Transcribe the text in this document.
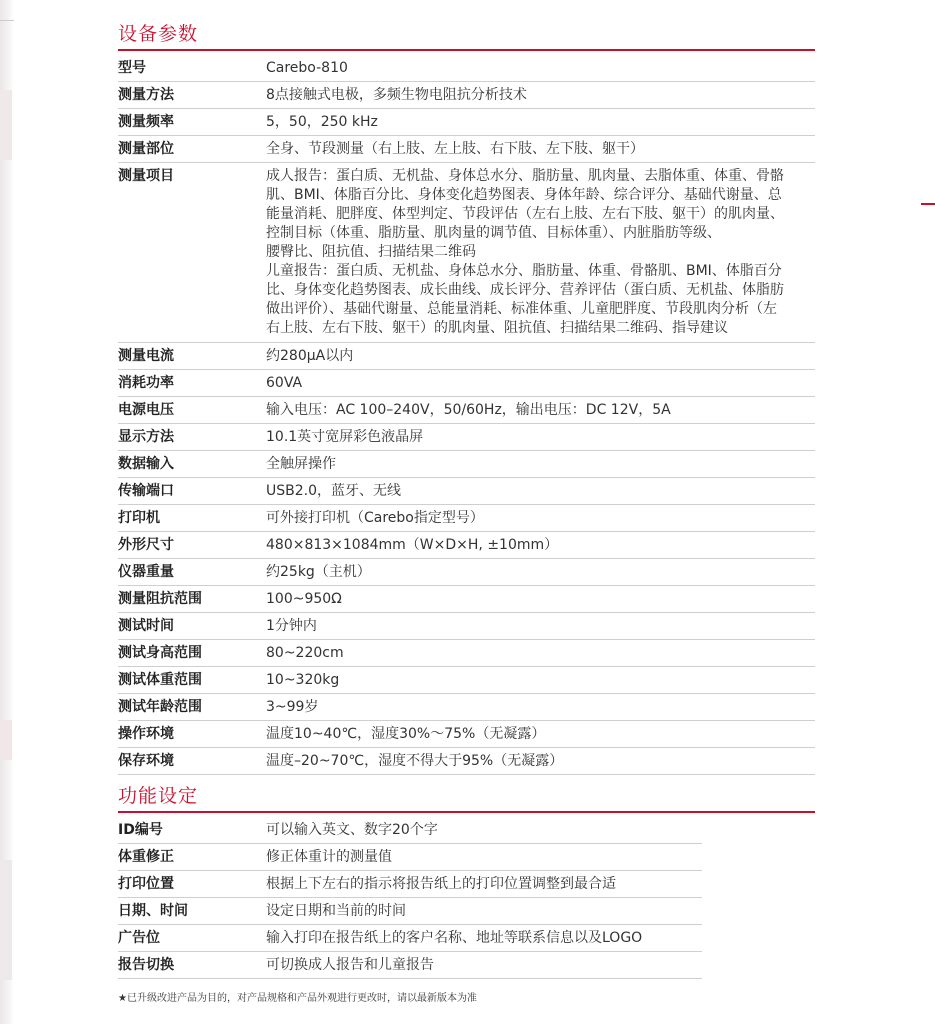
设备参数
型号	Carebo-810
测量方法	8点接触式电极，多频生物电阻抗分析技术
测量频率	5，50，250 kHz
测量部位	全身、节段测量（右上肢、左上肢、右下肢、左下肢、躯干）
测量项目	成人报告：蛋白质、无机盐、身体总水分、脂肪量、肌肉量、去脂体重、体重、骨骼
肌、BMI、体脂百分比、身体变化趋势图表、身体年龄、综合评分、基础代谢量、总
能量消耗、肥胖度、体型判定、节段评估（左右上肢、左右下肢、躯干）的肌肉量、
控制目标（体重、脂肪量、肌肉量的调节值、目标体重）、内脏脂肪等级、
腰臀比、阻抗值、扫描结果二维码
儿童报告：蛋白质、无机盐、身体总水分、脂肪量、体重、骨骼肌、BMI、体脂百分
比、身体变化趋势图表、成长曲线、成长评分、营养评估（蛋白质、无机盐、体脂肪
做出评价）、基础代谢量、总能量消耗、标准体重、儿童肥胖度、节段肌肉分析（左
右上肢、左右下肢、躯干）的肌肉量、阻抗值、扫描结果二维码、指导建议
测量电流	约280μA以内
消耗功率	60VA
电源电压	输入电压：AC 100–240V，50/60Hz，输出电压：DC 12V，5A
显示方法	10.1英寸宽屏彩色液晶屏
数据输入	全触屏操作
传输端口	USB2.0，蓝牙、无线
打印机	可外接打印机（Carebo指定型号）
外形尺寸	480×813×1084mm（W×D×H, ±10mm）
仪器重量	约25kg（主机）
测量阻抗范围	100~950Ω
测试时间	1分钟内
测试身高范围	80~220cm
测试体重范围	10~320kg
测试年龄范围	3~99岁
操作环境	温度10~40℃，湿度30%～75%（无凝露）
保存环境	温度–20~70℃，湿度不得大于95%（无凝露）
功能设定
ID编号	可以输入英文、数字20个字
体重修正	修正体重计的测量值
打印位置	根据上下左右的指示将报告纸上的打印位置调整到最合适
日期、时间	设定日期和当前的时间
广告位	输入打印在报告纸上的客户名称、地址等联系信息以及LOGO
报告切换	可切换成人报告和儿童报告
★已升级改进产品为目的，对产品规格和产品外观进行更改时，请以最新版本为准
